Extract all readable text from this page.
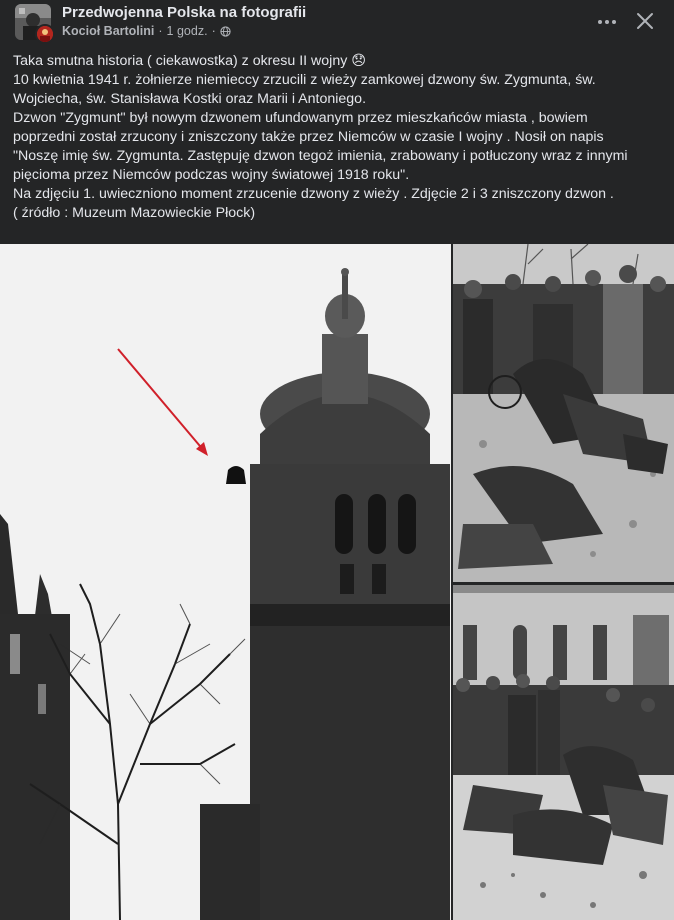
Przedwojenna Polska na fotografii
Kocioł Bartolini · 1 godz. ·

Taka smutna historia ( ciekawostka) z okresu II wojny 😞

10 kwietnia 1941 r. żołnierze niemieccy zrzucili z wieży zamkowej dzwony św. Zygmunta, św.

Wojciecha, św. Stanisława Kostki oraz Marii i Antoniego.

Dzwon "Zygmunt" był nowym dzwonem ufundowanym przez mieszkańców miasta , bowiem

poprzedni został zrzucony i zniszczony także przez Niemców w czasie I wojny . Nosił on napis

"Noszę imię św. Zygmunta. Zastępuję dzwon tegoż imienia, zrabowany i potłuczony wraz z innymi

pięcioma przez Niemców podczas wojny światowej 1918 roku".

Na zdjęciu 1. uwieczniono moment zrzucenie dzwony z wieży . Zdjęcie 2 i 3 zniszczony dzwon .

( źródło : Muzeum Mazowieckie Płock)
